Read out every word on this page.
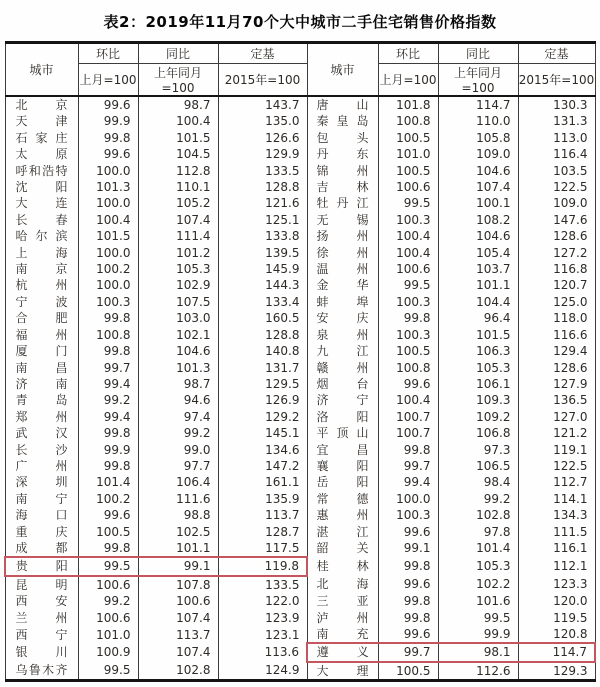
表2：2019年11月70个大中城市二手住宅销售价格指数
城市	环比	同比	定基	城市	环比	同比	定基
	上月=100	上年同月=100	2015年=100		上月=100	上年同月=100	2015年=100

北 京	99.6	98.7	143.7	唐 山	101.8	114.7	130.3

天 津	99.9	100.4	135.0	秦 皇 岛	100.8	110.0	131.3

石 家 庄	99.8	101.5	126.6	包 头	100.5	105.8	113.0

太 原	99.6	104.5	129.9	丹 东	101.0	109.0	116.4

呼 和 浩 特	100.0	112.8	133.5	锦 州	100.5	104.6	103.5

沈 阳	101.3	110.1	128.8	吉 林	100.6	107.4	122.5

大 连	100.0	105.2	121.6	牡 丹 江	99.5	100.1	109.0

长 春	100.4	107.4	125.1	无 锡	100.3	108.2	147.6

哈 尔 滨	101.5	111.4	133.8	扬 州	100.4	104.6	128.6

上 海	100.0	101.2	139.5	徐 州	100.4	105.4	127.2

南 京	100.2	105.3	145.9	温 州	100.6	103.7	116.8

杭 州	100.0	102.9	144.3	金 华	99.5	101.1	120.7

宁 波	100.3	107.5	133.4	蚌 埠	100.3	104.4	125.0

合 肥	99.8	103.0	160.5	安 庆	99.8	96.4	118.0

福 州	100.8	102.1	128.8	泉 州	100.3	101.5	116.6

厦 门	99.8	104.6	140.8	九 江	100.5	106.3	129.4

南 昌	99.7	101.3	131.7	赣 州	100.8	105.3	128.6

济 南	99.4	98.7	129.5	烟 台	99.6	106.1	127.9

青 岛	99.2	94.6	126.9	济 宁	100.4	109.3	136.5

郑 州	99.4	97.4	129.2	洛 阳	100.7	109.2	127.0

武 汉	99.8	99.2	145.1	平 顶 山	100.7	106.8	121.2

长 沙	99.9	99.0	134.6	宜 昌	99.8	97.3	119.1

广 州	99.8	97.7	147.2	襄 阳	99.7	106.5	122.5

深 圳	101.4	106.4	161.1	岳 阳	99.4	98.4	112.7

南 宁	100.2	111.6	135.9	常 德	100.0	99.2	114.1

海 口	99.6	98.8	113.7	惠 州	100.3	102.8	134.3

重 庆	100.5	102.5	128.7	湛 江	99.6	97.8	111.5

成 都	99.8	101.1	117.5	韶 关	99.1	101.4	116.1

贵 阳	99.5	99.1	119.8	桂 林	99.8	105.3	112.1

昆 明	100.6	107.8	133.5	北 海	99.6	102.2	123.3

西 安	99.2	100.6	122.0	三 亚	99.8	101.6	120.0

兰 州	100.6	107.4	123.9	泸 州	99.8	99.5	119.5

西 宁	101.0	113.7	123.1	南 充	99.6	99.9	120.8

银 川	100.9	107.4	113.6	遵 义	99.7	98.1	114.7

乌 鲁 木 齐	99.5	102.8	124.9	大 理	100.5	112.6	129.3
